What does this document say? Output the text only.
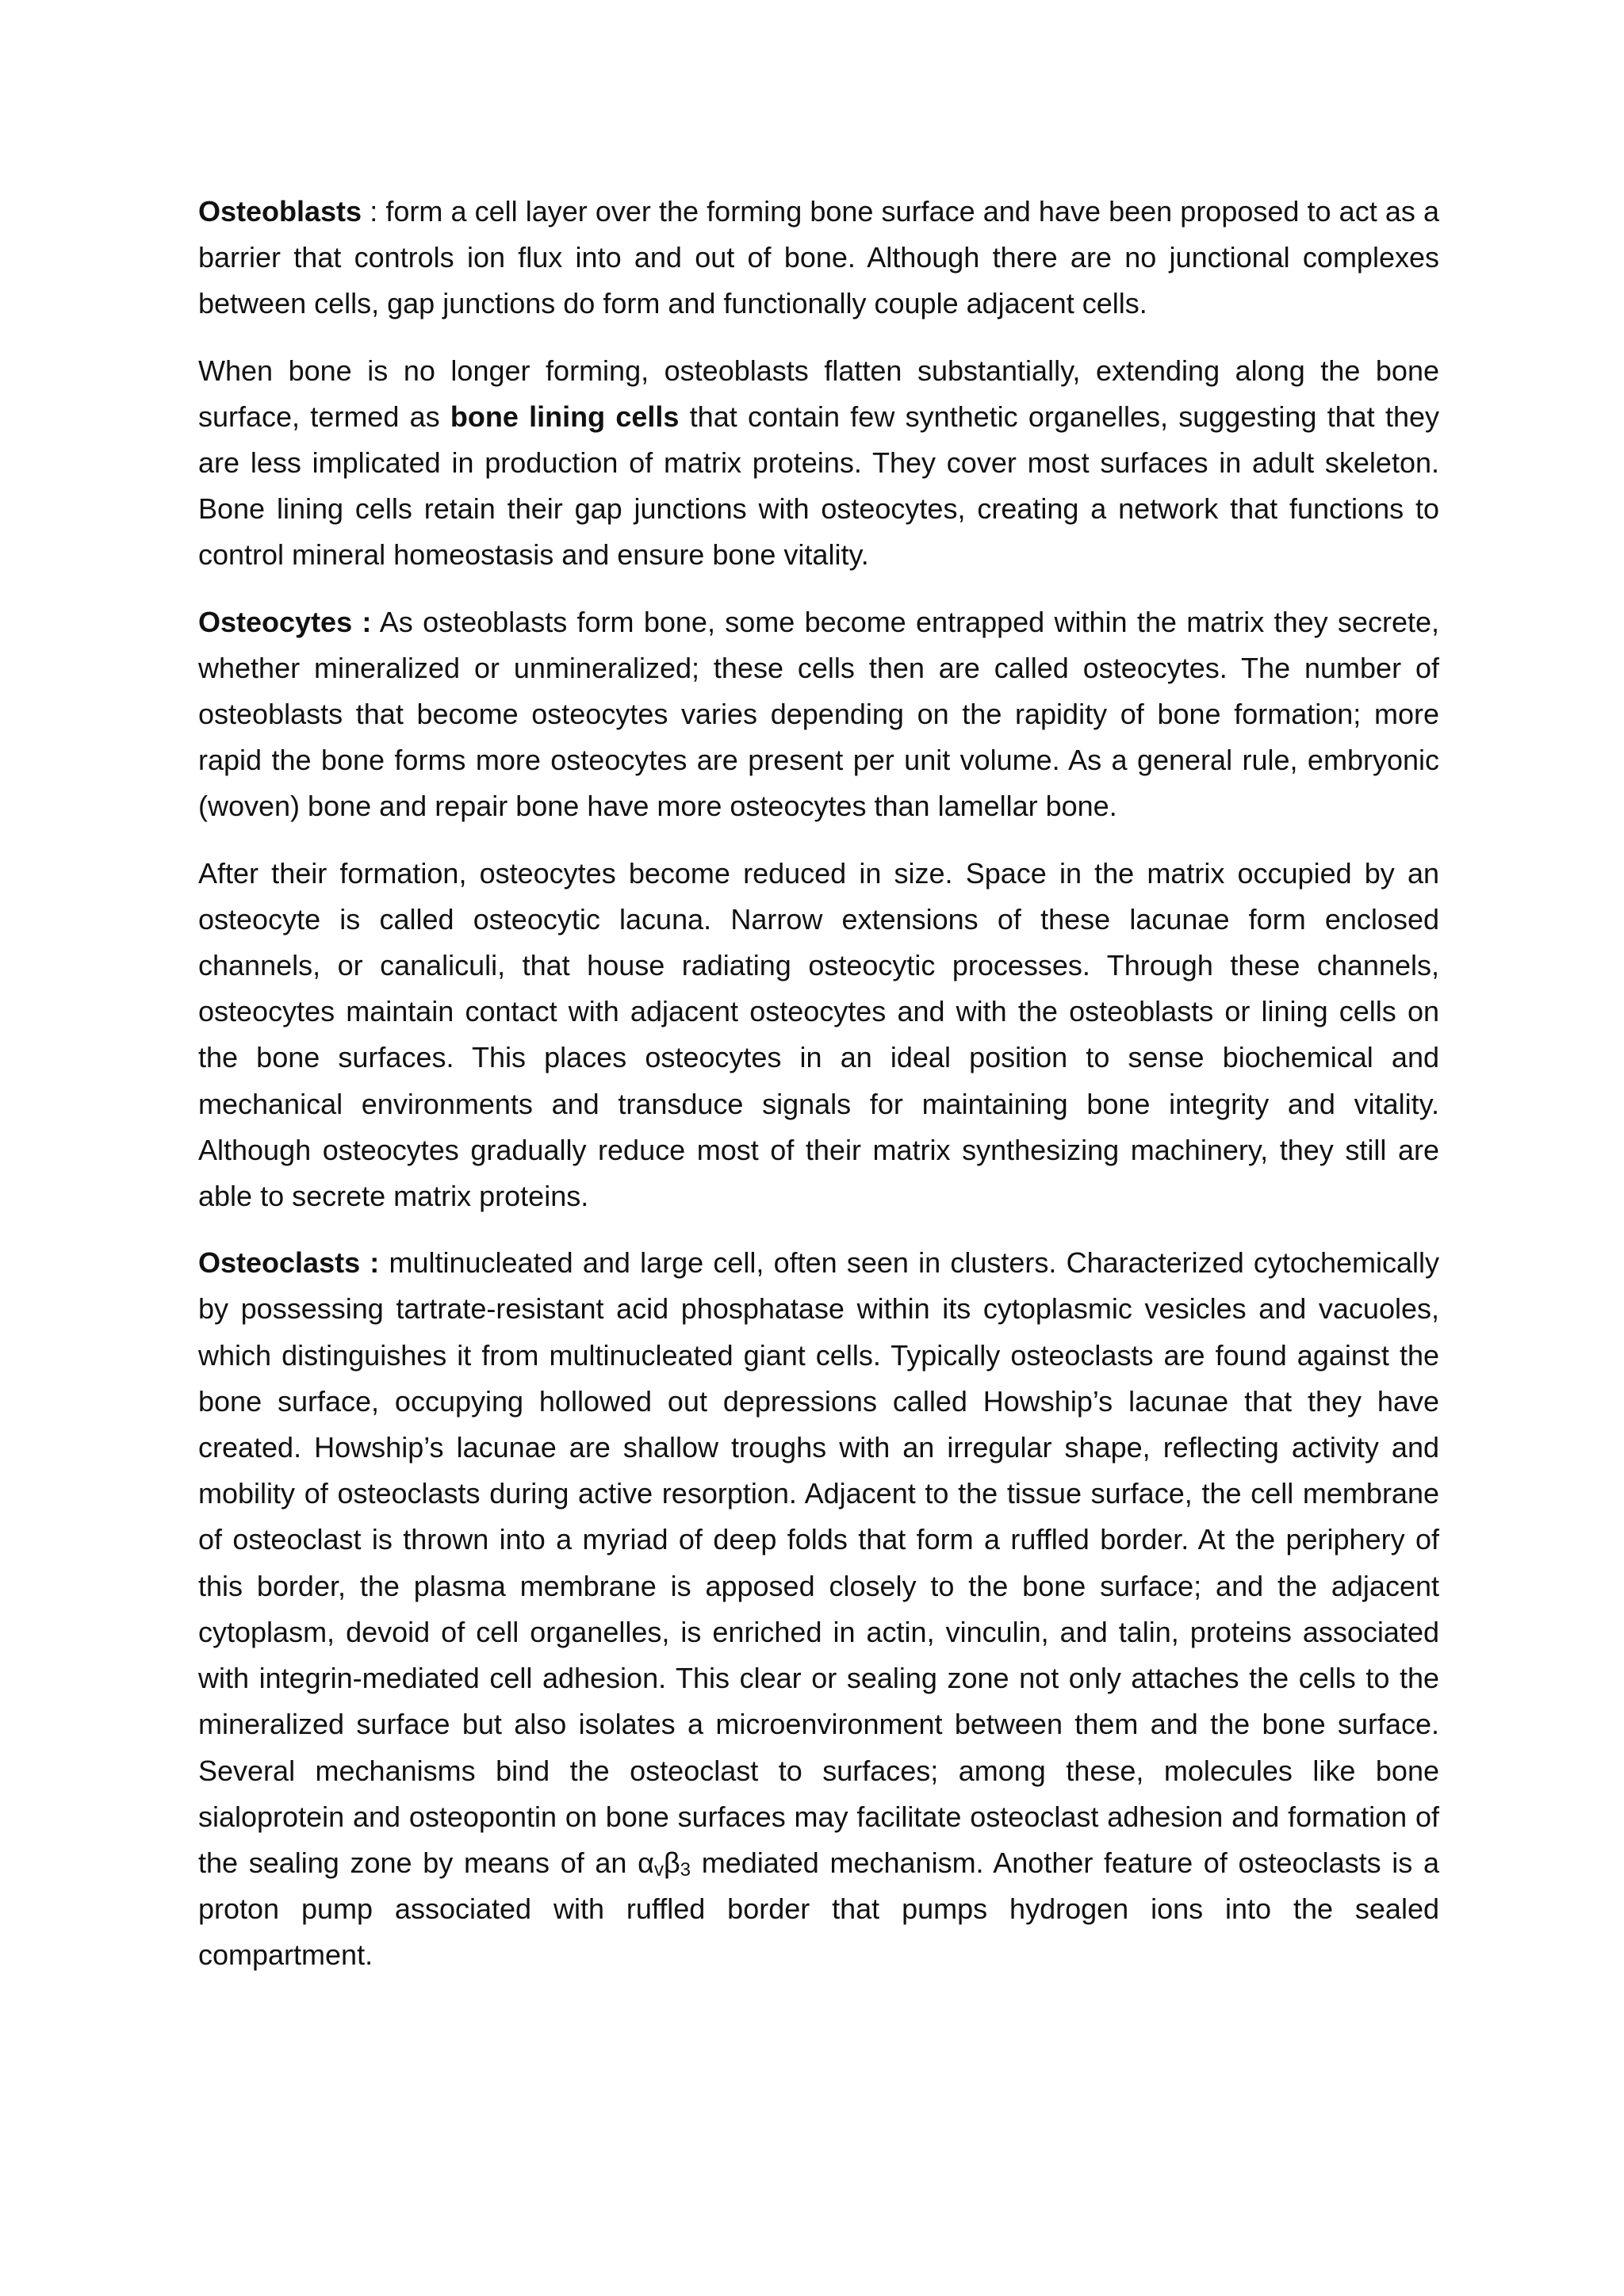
Osteoblasts : form a cell layer over the forming bone surface and have been proposed to act as a barrier that controls ion flux into and out of bone. Although there are no junctional complexes between cells, gap junctions do form and functionally couple adjacent cells.

When bone is no longer forming, osteoblasts flatten substantially, extending along the bone surface, termed as bone lining cells that contain few synthetic organelles, suggesting that they are less implicated in production of matrix proteins. They cover most surfaces in adult skeleton. Bone lining cells retain their gap junctions with osteocytes, creating a network that functions to control mineral homeostasis and ensure bone vitality.

Osteocytes : As osteoblasts form bone, some become entrapped within the matrix they secrete, whether mineralized or unmineralized; these cells then are called osteocytes. The number of osteoblasts that become osteocytes varies depending on the rapidity of bone formation; more rapid the bone forms more osteocytes are present per unit volume. As a general rule, embryonic (woven) bone and repair bone have more osteocytes than lamellar bone.

After their formation, osteocytes become reduced in size. Space in the matrix occupied by an osteocyte is called osteocytic lacuna. Narrow extensions of these lacunae form enclosed channels, or canaliculi, that house radiating osteocytic processes. Through these channels, osteocytes maintain contact with adjacent osteocytes and with the osteoblasts or lining cells on the bone surfaces. This places osteocytes in an ideal position to sense biochemical and mechanical environments and transduce signals for maintaining bone integrity and vitality. Although osteocytes gradually reduce most of their matrix synthesizing machinery, they still are able to secrete matrix proteins.

Osteoclasts : multinucleated and large cell, often seen in clusters. Characterized cytochemically by possessing tartrate-resistant acid phosphatase within its cytoplasmic vesicles and vacuoles, which distinguishes it from multinucleated giant cells. Typically osteoclasts are found against the bone surface, occupying hollowed out depressions called Howship’s lacunae that they have created. Howship’s lacunae are shallow troughs with an irregular shape, reflecting activity and mobility of osteoclasts during active resorption. Adjacent to the tissue surface, the cell membrane of osteoclast is thrown into a myriad of deep folds that form a ruffled border. At the periphery of this border, the plasma membrane is apposed closely to the bone surface; and the adjacent cytoplasm, devoid of cell organelles, is enriched in actin, vinculin, and talin, proteins associated with integrin-mediated cell adhesion. This clear or sealing zone not only attaches the cells to the mineralized surface but also isolates a microenvironment between them and the bone surface. Several mechanisms bind the osteoclast to surfaces; among these, molecules like bone sialoprotein and osteopontin on bone surfaces may facilitate osteoclast adhesion and formation of the sealing zone by means of an αvβ3 mediated mechanism. Another feature of osteoclasts is a proton pump associated with ruffled border that pumps hydrogen ions into the sealed compartment.
